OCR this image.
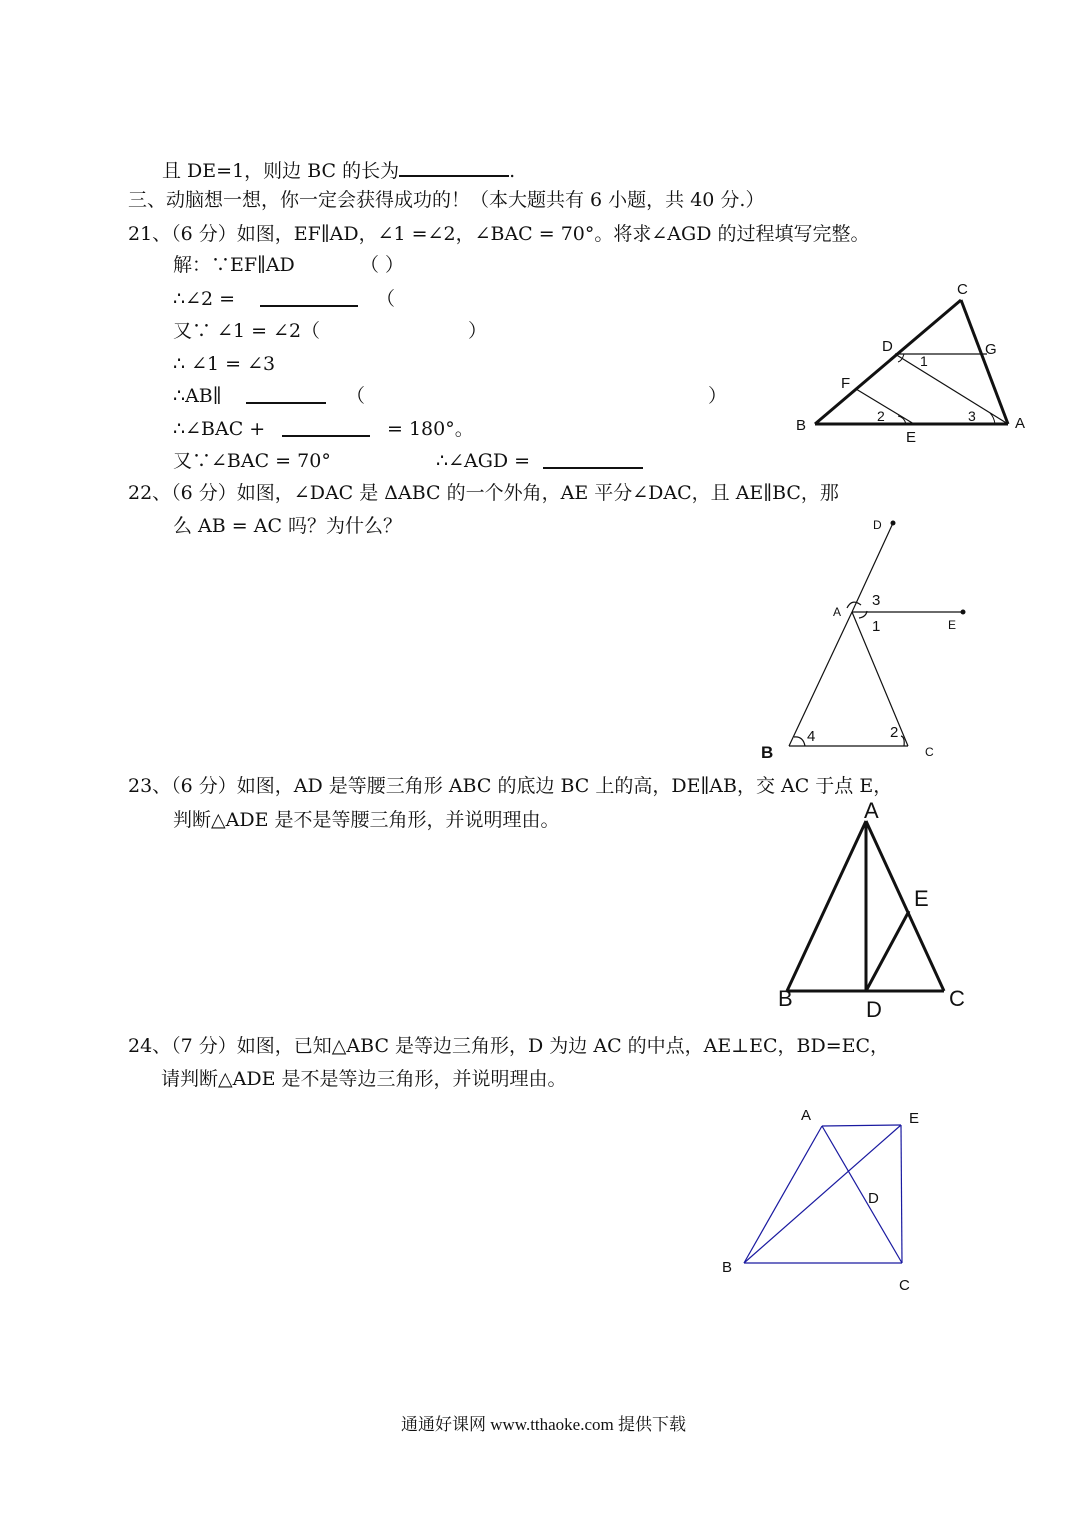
且 DE=1，则边 BC 的长为	.
三、动脑想一想，你一定会获得成功的！（本大题共有 6 小题，共 40 分.）
21、（6 分）如图，EF∥AD，∠1 =∠2，∠BAC = 70°。将求∠AGD 的过程填写完整。
解：∵EF∥AD	（ ）
∴∠2 =	（
又∵ ∠1 = ∠2（	）
∴ ∠1 = ∠3
∴AB∥	（	）
∴∠BAC +	= 180°。
又∵∠BAC = 70°	∴∠AGD =
C
D	G
F
B
E
A
1
2	3
22、（6 分）如图，∠DAC 是 ΔABC 的一个外角，AE 平分∠DAC，且 AE∥BC，那
么 AB = AC 吗？为什么？	D
A
E
B	C
3
1
4	2
23、（6 分）如图，AD 是等腰三角形 ABC 的底边 BC 上的高，DE∥AB，交 AC 于点 E，
判断△ADE 是不是等腰三角形，并说明理由。	A
E
B	D	C
24、（7 分）如图，已知△ABC 是等边三角形，D 为边 AC 的中点，AE⊥EC，BD=EC，
请判断△ADE 是不是等边三角形，并说明理由。
A	E
D
B
C
通通好课网 www.tthaoke.com 提供下载
